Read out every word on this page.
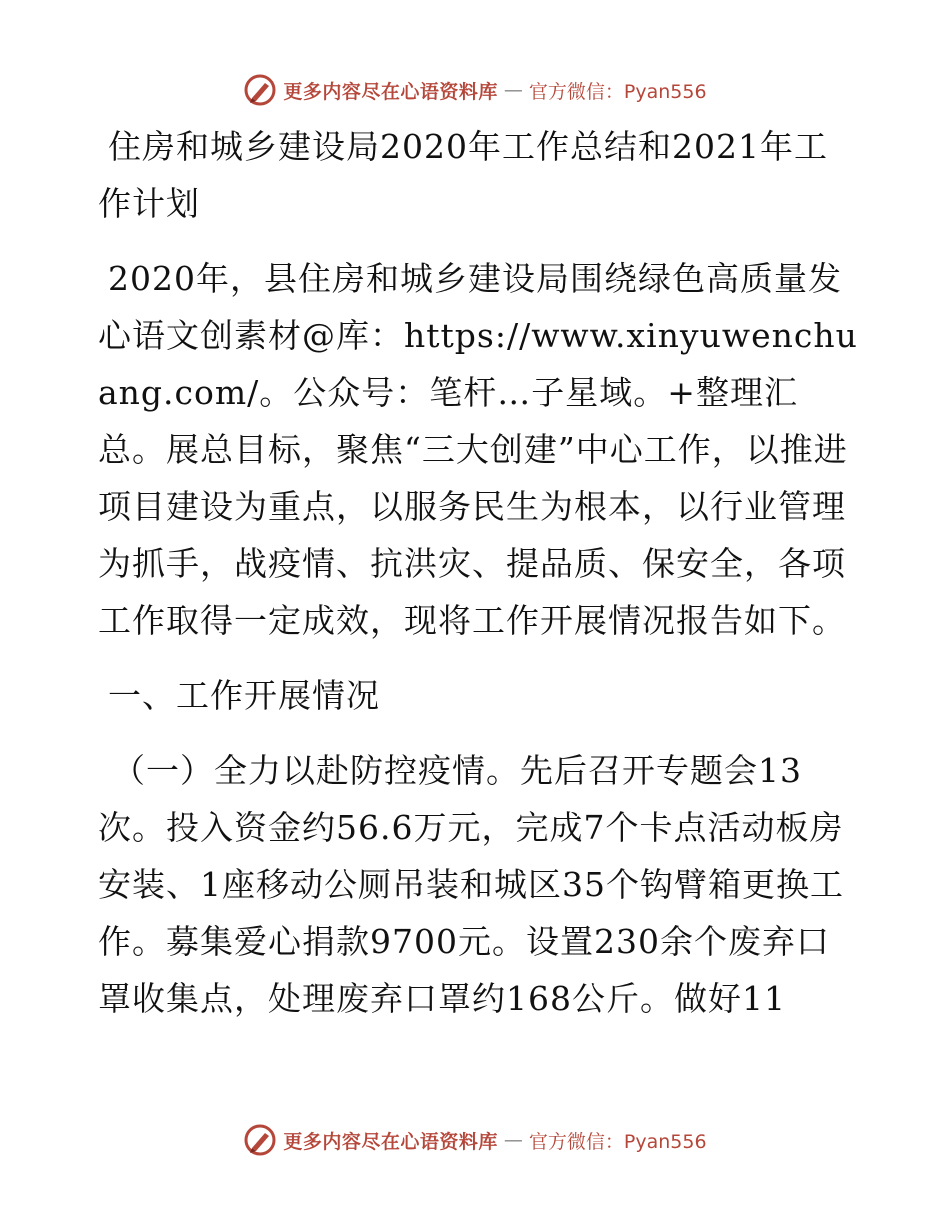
更多内容尽在心语资料库 — 官方微信：Pyan556

住房和城乡建设局2020年工作总结和2021年工作计划

2020年，县住房和城乡建设局围绕绿色高质量发心语文创素材@库：https://www.xinyuwenchuang.com/。公众号：笔杆…子星域。+整理汇总。展总目标，聚焦“三大创建”中心工作，以推进项目建设为重点，以服务民生为根本，以行业管理为抓手，战疫情、抗洪灾、提品质、保安全，各项工作取得一定成效，现将工作开展情况报告如下。

一、工作开展情况

（一）全力以赴防控疫情。先后召开专题会13次。投入资金约56.6万元，完成7个卡点活动板房安装、1座移动公厕吊装和城区35个钩臂箱更换工作。募集爱心捐款9700元。设置230余个废弃口罩收集点，处理废弃口罩约168公斤。做好11

更多内容尽在心语资料库 — 官方微信：Pyan556
